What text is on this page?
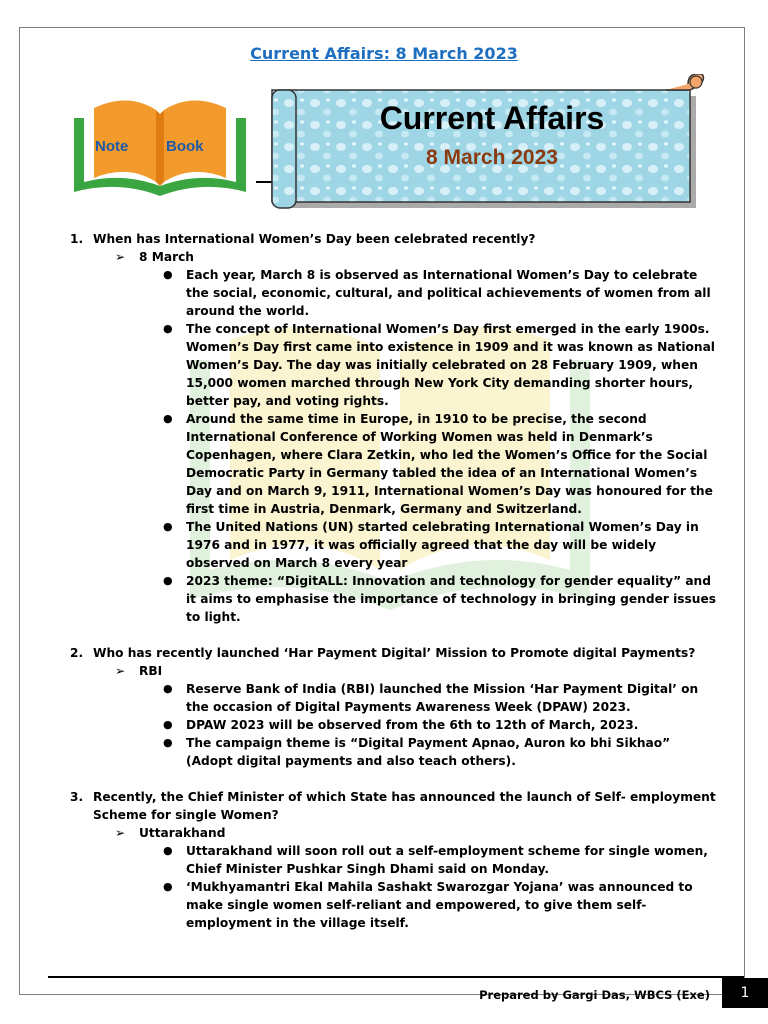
Current Affairs: 8 March 2023
Note	Book
Current Affairs
8 March 2023
1. When has International Women’s Day been celebrated recently?
➢ 8 March
● Each year, March 8 is observed as International Women’s Day to celebrate the social, economic, cultural, and political achievements of women from all around the world.
● The concept of International Women’s Day first emerged in the early 1900s. Women’s Day first came into existence in 1909 and it was known as National Women’s Day. The day was initially celebrated on 28 February 1909, when 15,000 women marched through New York City demanding shorter hours, better pay, and voting rights.
● Around the same time in Europe, in 1910 to be precise, the second International Conference of Working Women was held in Denmark’s Copenhagen, where Clara Zetkin, who led the Women’s Office for the Social Democratic Party in Germany tabled the idea of an International Women’s Day and on March 9, 1911, International Women’s Day was honoured for the first time in Austria, Denmark, Germany and Switzerland.
● The United Nations (UN) started celebrating International Women’s Day in 1976 and in 1977, it was officially agreed that the day will be widely observed on March 8 every year
● 2023 theme: “DigitALL: Innovation and technology for gender equality” and it aims to emphasise the importance of technology in bringing gender issues to light.
2. Who has recently launched ‘Har Payment Digital’ Mission to Promote digital Payments?
➢ RBI
● Reserve Bank of India (RBI) launched the Mission ‘Har Payment Digital’ on the occasion of Digital Payments Awareness Week (DPAW) 2023.
● DPAW 2023 will be observed from the 6th to 12th of March, 2023.
● The campaign theme is “Digital Payment Apnao, Auron ko bhi Sikhao” (Adopt digital payments and also teach others).
3. Recently, the Chief Minister of which State has announced the launch of Self- employment Scheme for single Women?
➢ Uttarakhand
● Uttarakhand will soon roll out a self-employment scheme for single women, Chief Minister Pushkar Singh Dhami said on Monday.
● ‘Mukhyamantri Ekal Mahila Sashakt Swarozgar Yojana’ was announced to make single women self-reliant and empowered, to give them self-employment in the village itself.
Prepared by Gargi Das, WBCS (Exe)	1
